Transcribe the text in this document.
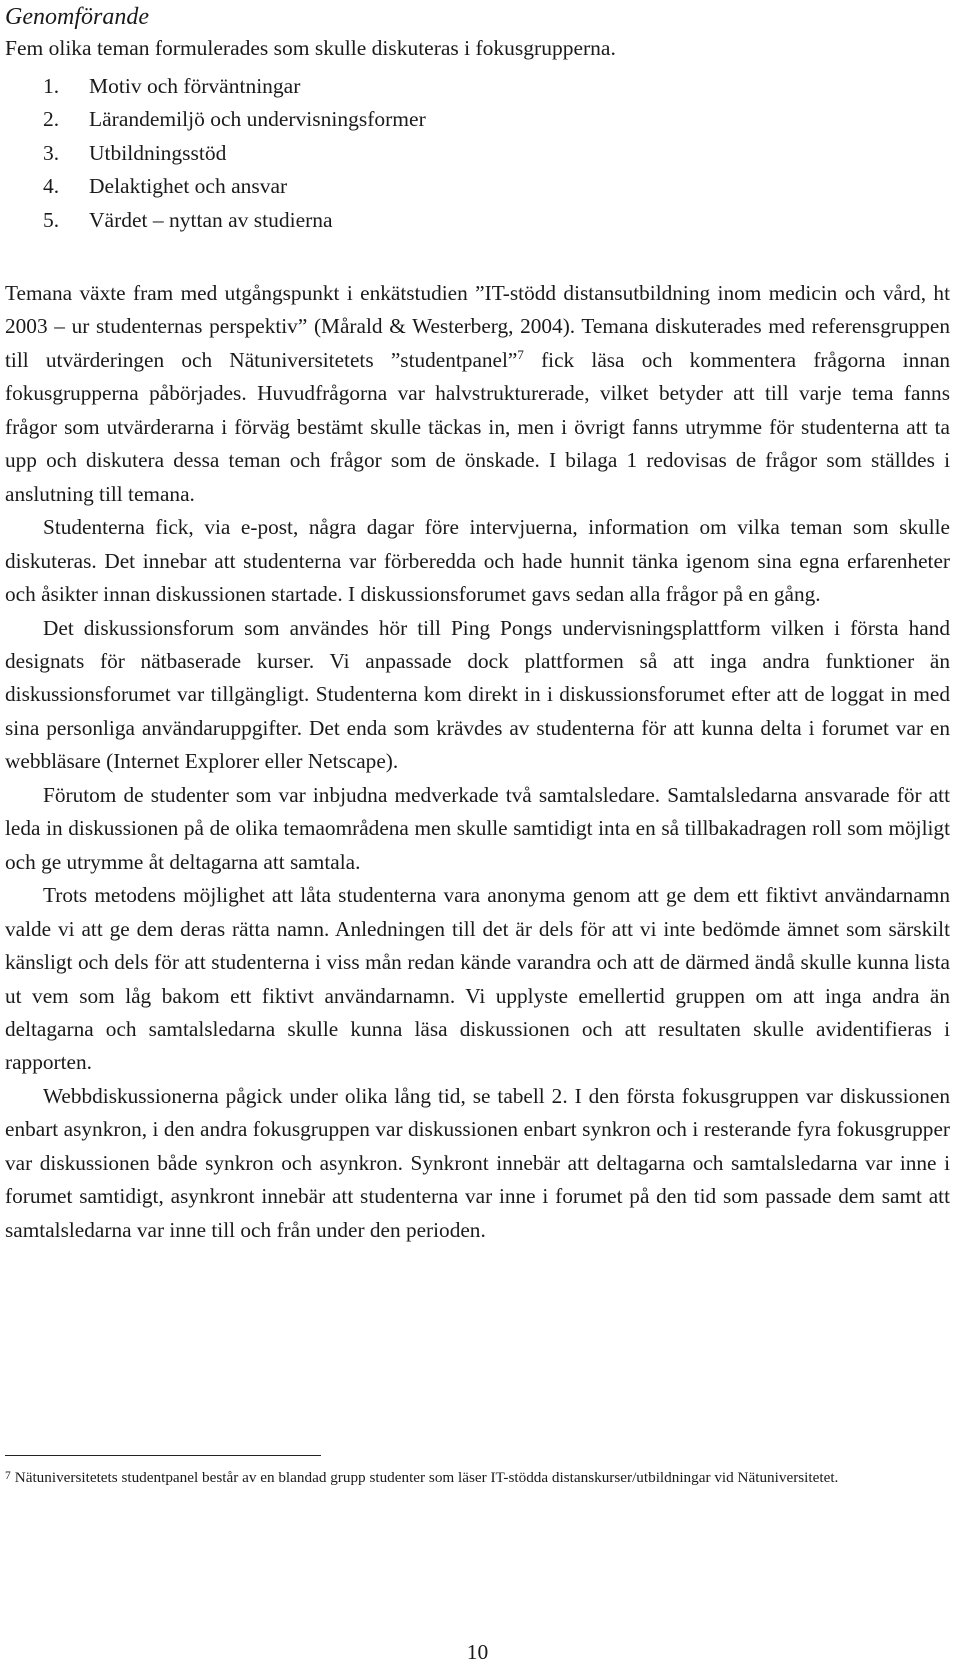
Genomförande

Fem olika teman formulerades som skulle diskuteras i fokusgrupperna.

1. Motiv och förväntningar
2. Lärandemiljö och undervisningsformer
3. Utbildningsstöd
4. Delaktighet och ansvar
5. Värdet – nyttan av studierna

Temana växte fram med utgångspunkt i enkätstudien ”IT-stödd distansutbildning inom medicin och vård, ht 2003 – ur studenternas perspektiv” (Mårald & Westerberg, 2004). Temana diskuterades med referensgruppen till utvärderingen och Nätuniversitetets ”studentpanel”$^7$ fick läsa och kommentera frågorna innan fokusgrupperna påbörjades. Huvudfrågorna var halvstrukturerade, vilket betyder att till varje tema fanns frågor som utvärderarna i förväg bestämt skulle täckas in, men i övrigt fanns utrymme för studenterna att ta upp och diskutera dessa teman och frågor som de önskade. I bilaga 1 redovisas de frågor som ställdes i anslutning till temana.

Studenterna fick, via e-post, några dagar före intervjuerna, information om vilka teman som skulle diskuteras. Det innebar att studenterna var förberedda och hade hunnit tänka igenom sina egna erfarenheter och åsikter innan diskussionen startade. I diskussionsforumet gavs sedan alla frågor på en gång.

Det diskussionsforum som användes hör till Ping Pongs undervisningsplattform vilken i första hand designats för nätbaserade kurser. Vi anpassade dock plattformen så att inga andra funktioner än diskussionsforumet var tillgängligt. Studenterna kom direkt in i diskussionsforumet efter att de loggat in med sina personliga användaruppgifter. Det enda som krävdes av studenterna för att kunna delta i forumet var en webbläsare (Internet Explorer eller Netscape).

Förutom de studenter som var inbjudna medverkade två samtalsledare. Samtalsledarna ansvarade för att leda in diskussionen på de olika temaområdena men skulle samtidigt inta en så tillbakadragen roll som möjligt och ge utrymme åt deltagarna att samtala.

Trots metodens möjlighet att låta studenterna vara anonyma genom att ge dem ett fiktivt användarnamn valde vi att ge dem deras rätta namn. Anledningen till det är dels för att vi inte bedömde ämnet som särskilt känsligt och dels för att studenterna i viss mån redan kände varandra och att de därmed ändå skulle kunna lista ut vem som låg bakom ett fiktivt användarnamn. Vi upplyste emellertid gruppen om att inga andra än deltagarna och samtalsledarna skulle kunna läsa diskussionen och att resultaten skulle avidentifieras i rapporten.

Webbdiskussionerna pågick under olika lång tid, se tabell 2. I den första fokusgruppen var diskussionen enbart asynkron, i den andra fokusgruppen var diskussionen enbart synkron och i resterande fyra fokusgrupper var diskussionen både synkron och asynkron. Synkront innebär att deltagarna och samtalsledarna var inne i forumet samtidigt, asynkront innebär att studenterna var inne i forumet på den tid som passade dem samt att samtalsledarna var inne till och från under den perioden.

7 Nätuniversitetets studentpanel består av en blandad grupp studenter som läser IT-stödda distanskurser/utbildningar vid Nätuniversitetet.

10
